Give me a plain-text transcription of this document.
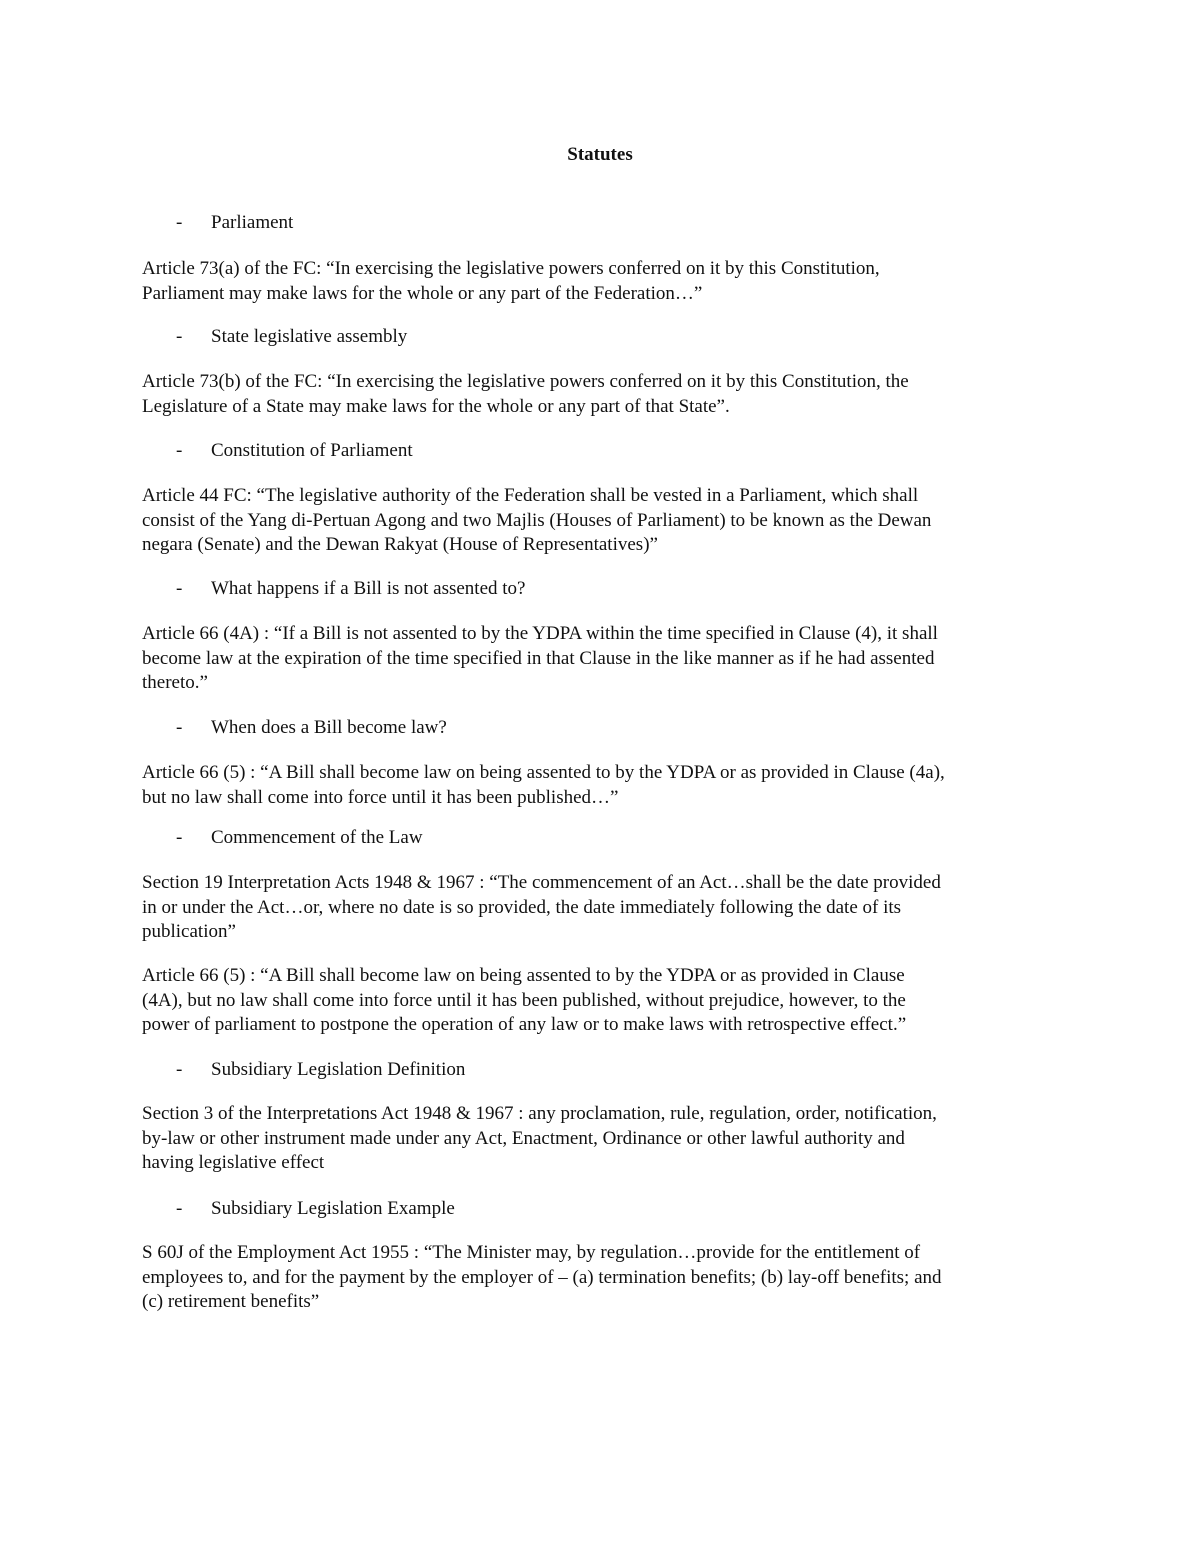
Statutes
- Parliament
Article 73(a) of the FC: “In exercising the legislative powers conferred on it by this Constitution,
Parliament may make laws for the whole or any part of the Federation…”
- State legislative assembly
Article 73(b) of the FC: “In exercising the legislative powers conferred on it by this Constitution, the
Legislature of a State may make laws for the whole or any part of that State”.
- Constitution of Parliament
Article 44 FC: “The legislative authority of the Federation shall be vested in a Parliament, which shall
consist of the Yang di-Pertuan Agong and two Majlis (Houses of Parliament) to be known as the Dewan
negara (Senate) and the Dewan Rakyat (House of Representatives)”
- What happens if a Bill is not assented to?
Article 66 (4A) : “If a Bill is not assented to by the YDPA within the time specified in Clause (4), it shall
become law at the expiration of the time specified in that Clause in the like manner as if he had assented
thereto.”
- When does a Bill become law?
Article 66 (5) : “A Bill shall become law on being assented to by the YDPA or as provided in Clause (4a),
but no law shall come into force until it has been published…”
- Commencement of the Law
Section 19 Interpretation Acts 1948 & 1967 : “The commencement of an Act…shall be the date provided
in or under the Act…or, where no date is so provided, the date immediately following the date of its
publication”
Article 66 (5) : “A Bill shall become law on being assented to by the YDPA or as provided in Clause
(4A), but no law shall come into force until it has been published, without prejudice, however, to the
power of parliament to postpone the operation of any law or to make laws with retrospective effect.”
- Subsidiary Legislation Definition
Section 3 of the Interpretations Act 1948 & 1967 : any proclamation, rule, regulation, order, notification,
by-law or other instrument made under any Act, Enactment, Ordinance or other lawful authority and
having legislative effect
- Subsidiary Legislation Example
S 60J of the Employment Act 1955 : “The Minister may, by regulation…provide for the entitlement of
employees to, and for the payment by the employer of – (a) termination benefits; (b) lay-off benefits; and
(c) retirement benefits”
